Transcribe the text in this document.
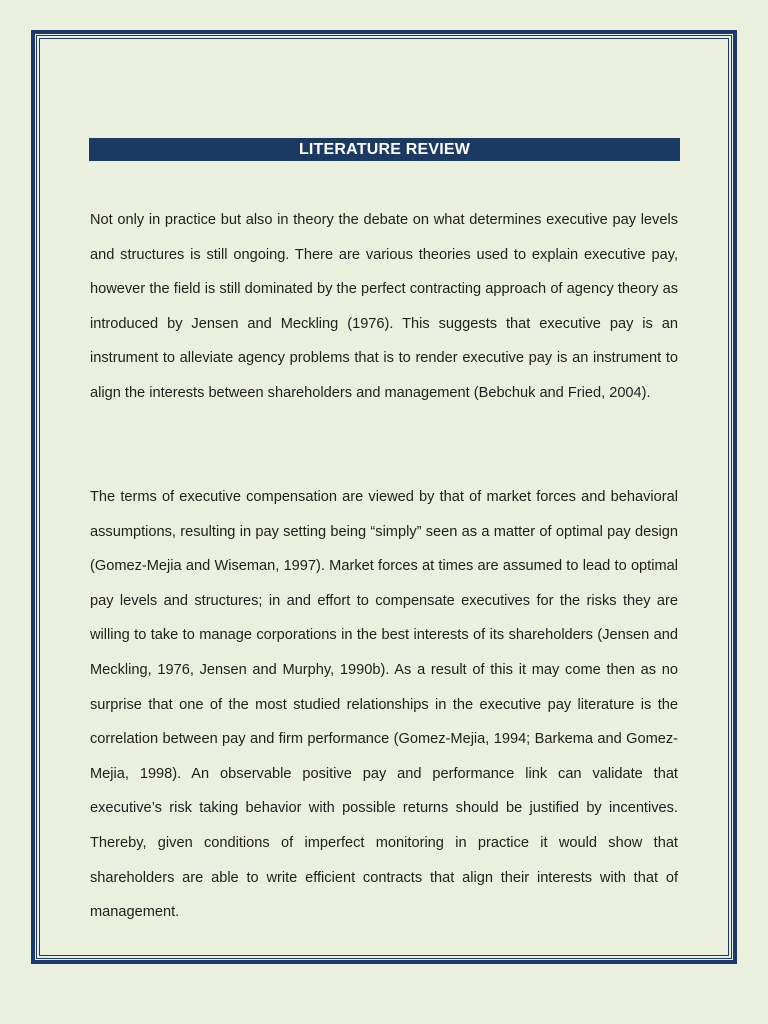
LITERATURE REVIEW

Not only in practice but also in theory the debate on what determines executive pay levels and structures is still ongoing. There are various theories used to explain executive pay, however the field is still dominated by the perfect contracting approach of agency theory as introduced by Jensen and Meckling (1976). This suggests that executive pay is an instrument to alleviate agency problems that is to render executive pay is an instrument to align the interests between shareholders and management (Bebchuk and Fried, 2004).

The terms of executive compensation are viewed by that of market forces and behavioral assumptions, resulting in pay setting being “simply” seen as a matter of optimal pay design (Gomez-Mejia and Wiseman, 1997). Market forces at times are assumed to lead to optimal pay levels and structures; in and effort to compensate executives for the risks they are willing to take to manage corporations in the best interests of its shareholders (Jensen and Meckling, 1976, Jensen and Murphy, 1990b). As a result of this it may come then as no surprise that one of the most studied relationships in the executive pay literature is the correlation between pay and firm performance (Gomez-Mejia, 1994; Barkema and Gomez-Mejia, 1998). An observable positive pay and performance link can validate that executive’s risk taking behavior with possible returns should be justified by incentives. Thereby, given conditions of imperfect monitoring in practice it would show that shareholders are able to write efficient contracts that align their interests with that of management.
